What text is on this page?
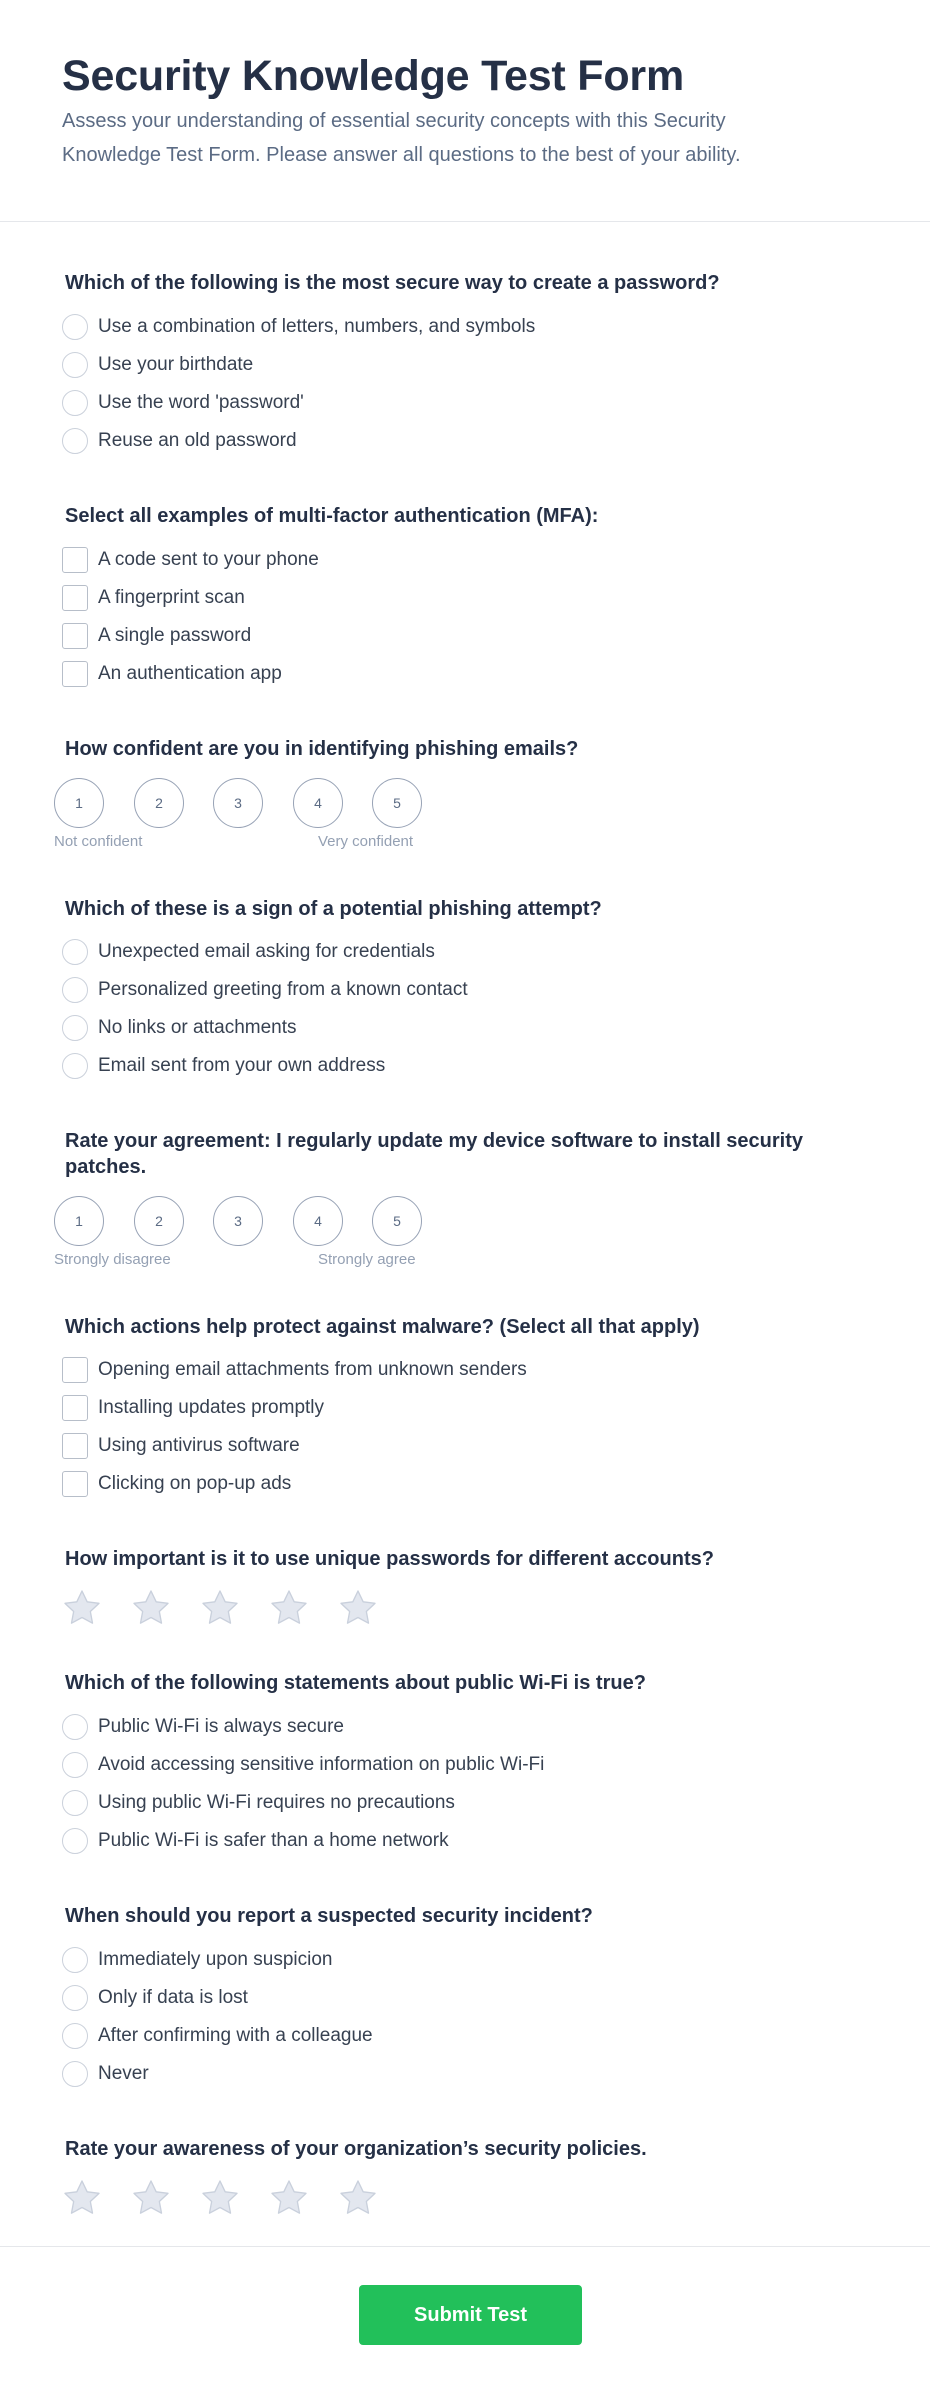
Security Knowledge Test Form
Assess your understanding of essential security concepts with this Security Knowledge Test Form. Please answer all questions to the best of your ability.
Which of the following is the most secure way to create a password?
Use a combination of letters, numbers, and symbols
Use your birthdate
Use the word 'password'
Reuse an old password
Select all examples of multi-factor authentication (MFA):
A code sent to your phone
A fingerprint scan
A single password
An authentication app
How confident are you in identifying phishing emails?
1	2	3	4	5
Not confident	Very confident
Which of these is a sign of a potential phishing attempt?
Unexpected email asking for credentials
Personalized greeting from a known contact
No links or attachments
Email sent from your own address
Rate your agreement: I regularly update my device software to install security patches.
1	2	3	4	5
Strongly disagree	Strongly agree
Which actions help protect against malware? (Select all that apply)
Opening email attachments from unknown senders
Installing updates promptly
Using antivirus software
Clicking on pop-up ads
How important is it to use unique passwords for different accounts?
Which of the following statements about public Wi-Fi is true?
Public Wi-Fi is always secure
Avoid accessing sensitive information on public Wi-Fi
Using public Wi-Fi requires no precautions
Public Wi-Fi is safer than a home network
When should you report a suspected security incident?
Immediately upon suspicion
Only if data is lost
After confirming with a colleague
Never
Rate your awareness of your organization’s security policies.
Submit Test
